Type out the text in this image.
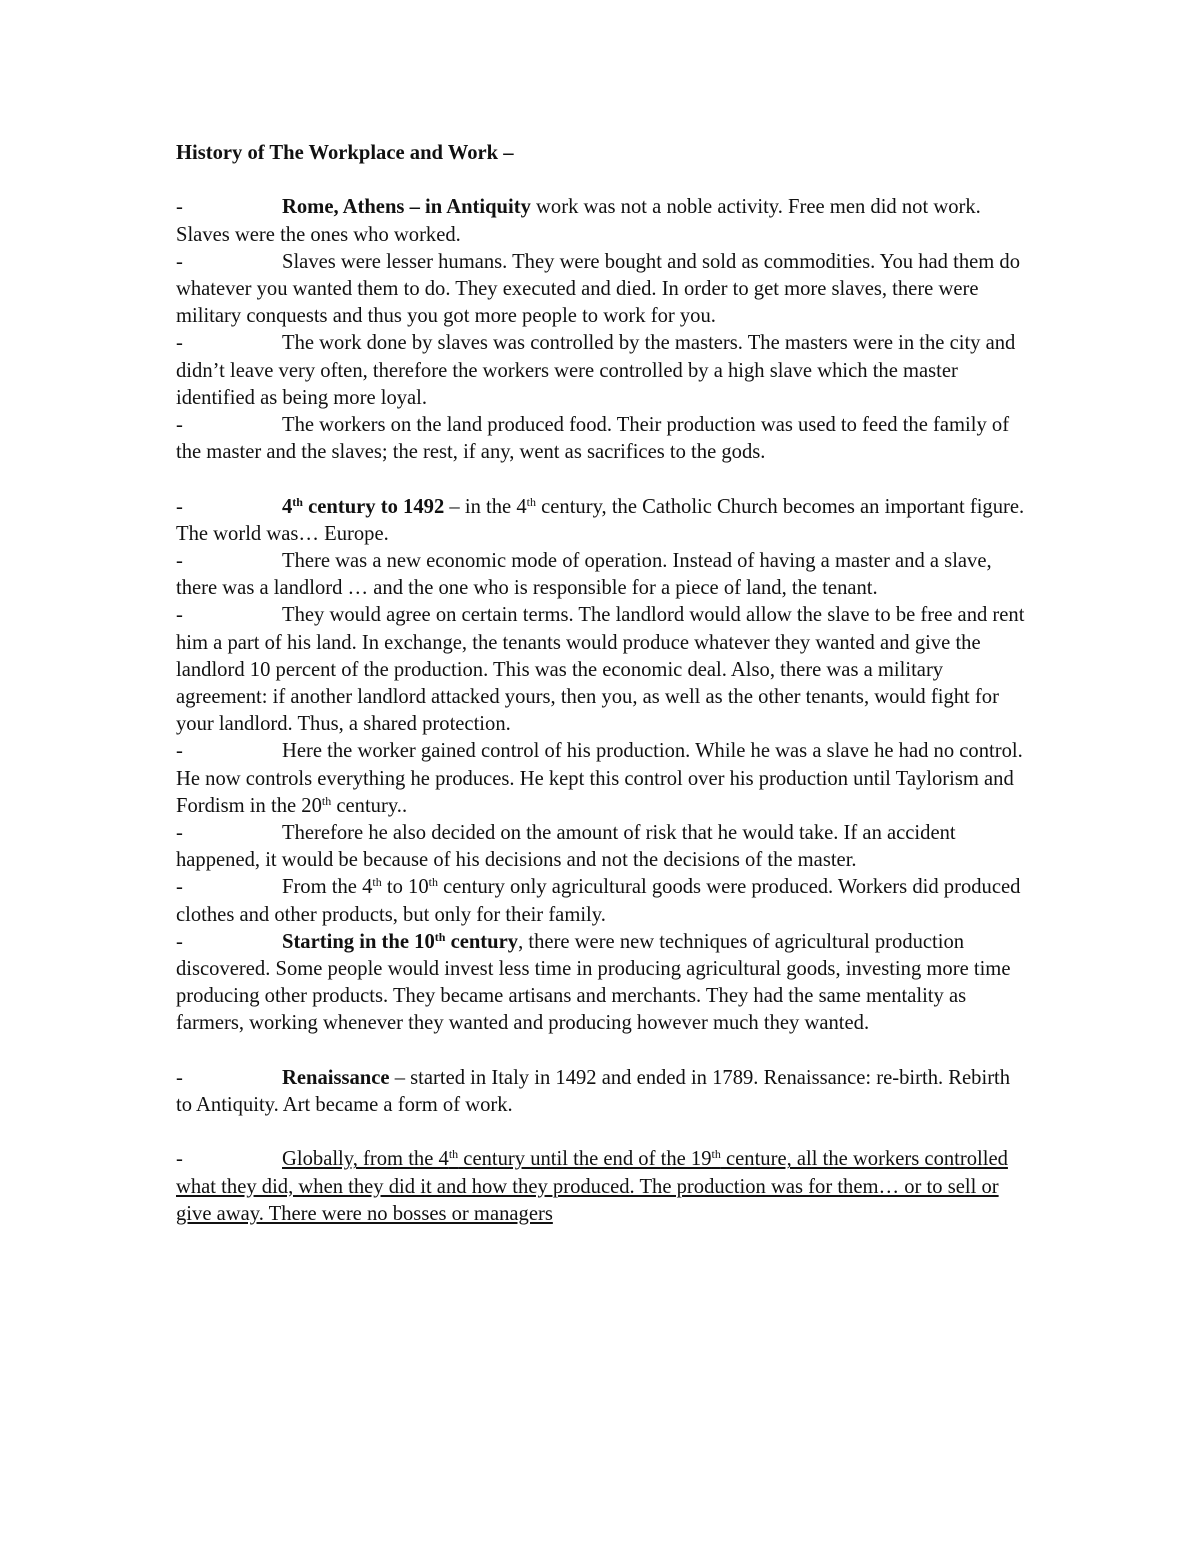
History of The Workplace and Work –
-	Rome, Athens – in Antiquity work was not a noble activity. Free men did not work. Slaves were the ones who worked.
-	Slaves were lesser humans. They were bought and sold as commodities. You had them do whatever you wanted them to do. They executed and died. In order to get more slaves, there were military conquests and thus you got more people to work for you.
-	The work done by slaves was controlled by the masters. The masters were in the city and didn’t leave very often, therefore the workers were controlled by a high slave which the master identified as being more loyal.
-	The workers on the land produced food. Their production was used to feed the family of the master and the slaves; the rest, if any, went as sacrifices to the gods.
-	4th century to 1492 – in the 4th century, the Catholic Church becomes an important figure. The world was… Europe.
-	There was a new economic mode of operation. Instead of having a master and a slave, there was a landlord … and the one who is responsible for a piece of land, the tenant.
-	They would agree on certain terms. The landlord would allow the slave to be free and rent him a part of his land. In exchange, the tenants would produce whatever they wanted and give the landlord 10 percent of the production. This was the economic deal. Also, there was a military agreement: if another landlord attacked yours, then you, as well as the other tenants, would fight for your landlord. Thus, a shared protection.
-	Here the worker gained control of his production. While he was a slave he had no control. He now controls everything he produces. He kept this control over his production until Taylorism and Fordism in the 20th century..
-	Therefore he also decided on the amount of risk that he would take. If an accident happened, it would be because of his decisions and not the decisions of the master.
-	From the 4th to 10th century only agricultural goods were produced. Workers did produced clothes and other products, but only for their family.
-	Starting in the 10th century, there were new techniques of agricultural production discovered. Some people would invest less time in producing agricultural goods, investing more time producing other products. They became artisans and merchants. They had the same mentality as farmers, working whenever they wanted and producing however much they wanted.
-	Renaissance – started in Italy in 1492 and ended in 1789. Renaissance: re-birth. Rebirth to Antiquity. Art became a form of work.
-	Globally, from the 4th century until the end of the 19th centure, all the workers controlled what they did, when they did it and how they produced. The production was for them… or to sell or give away. There were no bosses or managers
